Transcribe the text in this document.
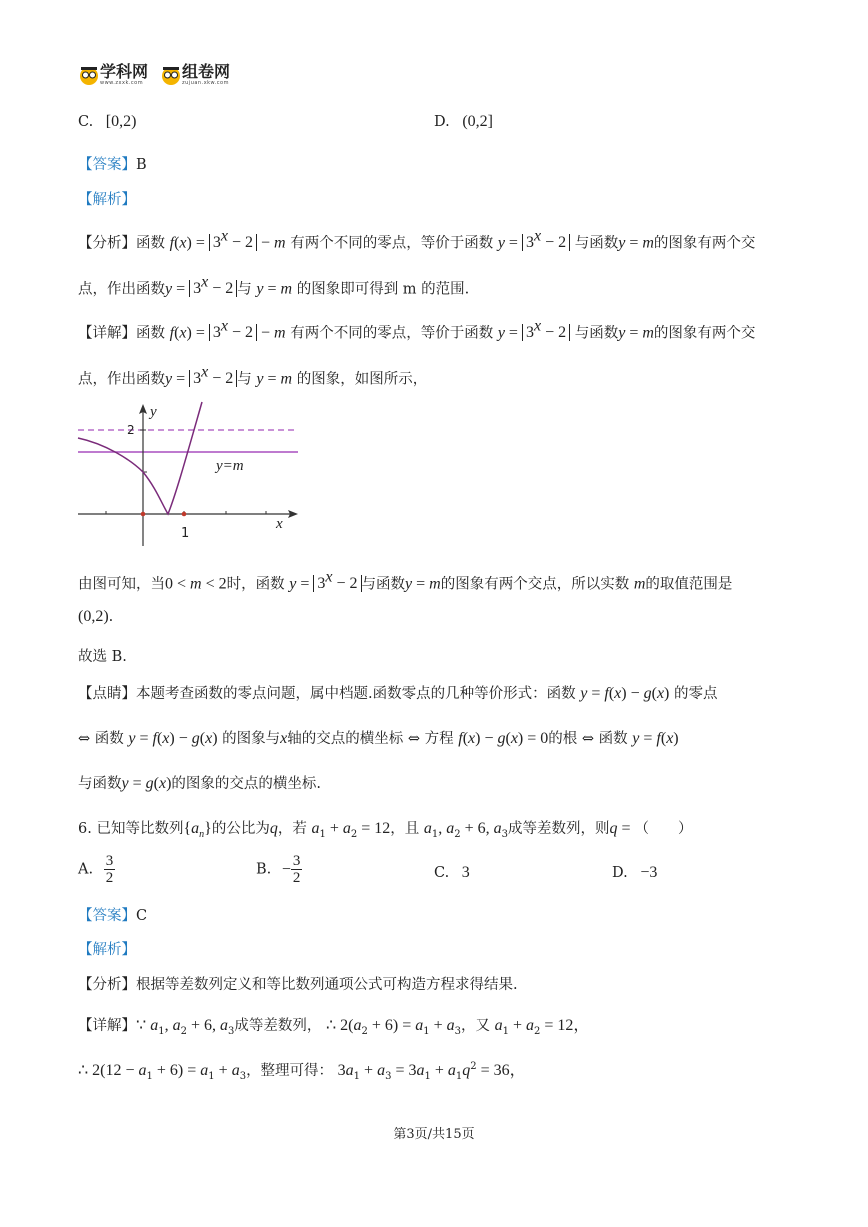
学科网
www.zxxk.com
组卷网
zujuan.xkw.com
C. [0,2)	D. (0,2]
【答案】B
【解析】
【分析】函数 $f(x) = 3^x - 2 - m$ 有两个不同的零点，等价于函数 $y = 3^x - 2$ 与函数y = m的图象有两个交
点，作出函数$y = 3^x - 2$ 与 y = m 的图象即可得到 m 的范围.
【详解】函数 $f(x) = 3^x - 2 - m$ 有两个不同的零点，等价于函数 $y = 3^x - 2$ 与函数y = m的图象有两个交
点，作出函数$y = 3^x - 2$ 与 y = m 的图象，如图所示，
y
x
2
1
y=m
由图可知，当0 < m < 2时，函数 $y = 3^x - 2$ 与函数y = m的图象有两个交点，所以实数 m的取值范围是
(0,2).
故选 B.
【点睛】本题考查函数的零点问题，属中档题.函数零点的几种等价形式：函数 y = f(x) − g(x) 的零点
⇔ 函数 y = f(x) − g(x) 的图象与x轴的交点的横坐标 ⇔ 方程 f(x) − g(x) = 0的根 ⇔ 函数 y = f(x)
与函数y = g(x)的图象的交点的横坐标.
6. 已知等比数列$\{a_n\}$的公比为q，若 $a_1 + a_2 = 12$，且 $a_1$, $a_2 + 6$, $a_3$成等差数列，则q = （　　）
A. $\frac{3}{2}$	B. − $\frac{3}{2}$	C. 3	D. −3
【答案】C
【解析】
【分析】根据等差数列定义和等比数列通项公式可构造方程求得结果.
【详解】∵ $a_1$, $a_2 + 6$, $a_3$成等差数列， ∴ $2(a_2 + 6) = a_1 + a_3$，又 $a_1 + a_2 = 12$，
∴ $2(12 - a_1 + 6) = a_1 + a_3$，整理可得： $3a_1 + a_3 = 3a_1 + a_1q^2 = 36$，
第3页/共15页
